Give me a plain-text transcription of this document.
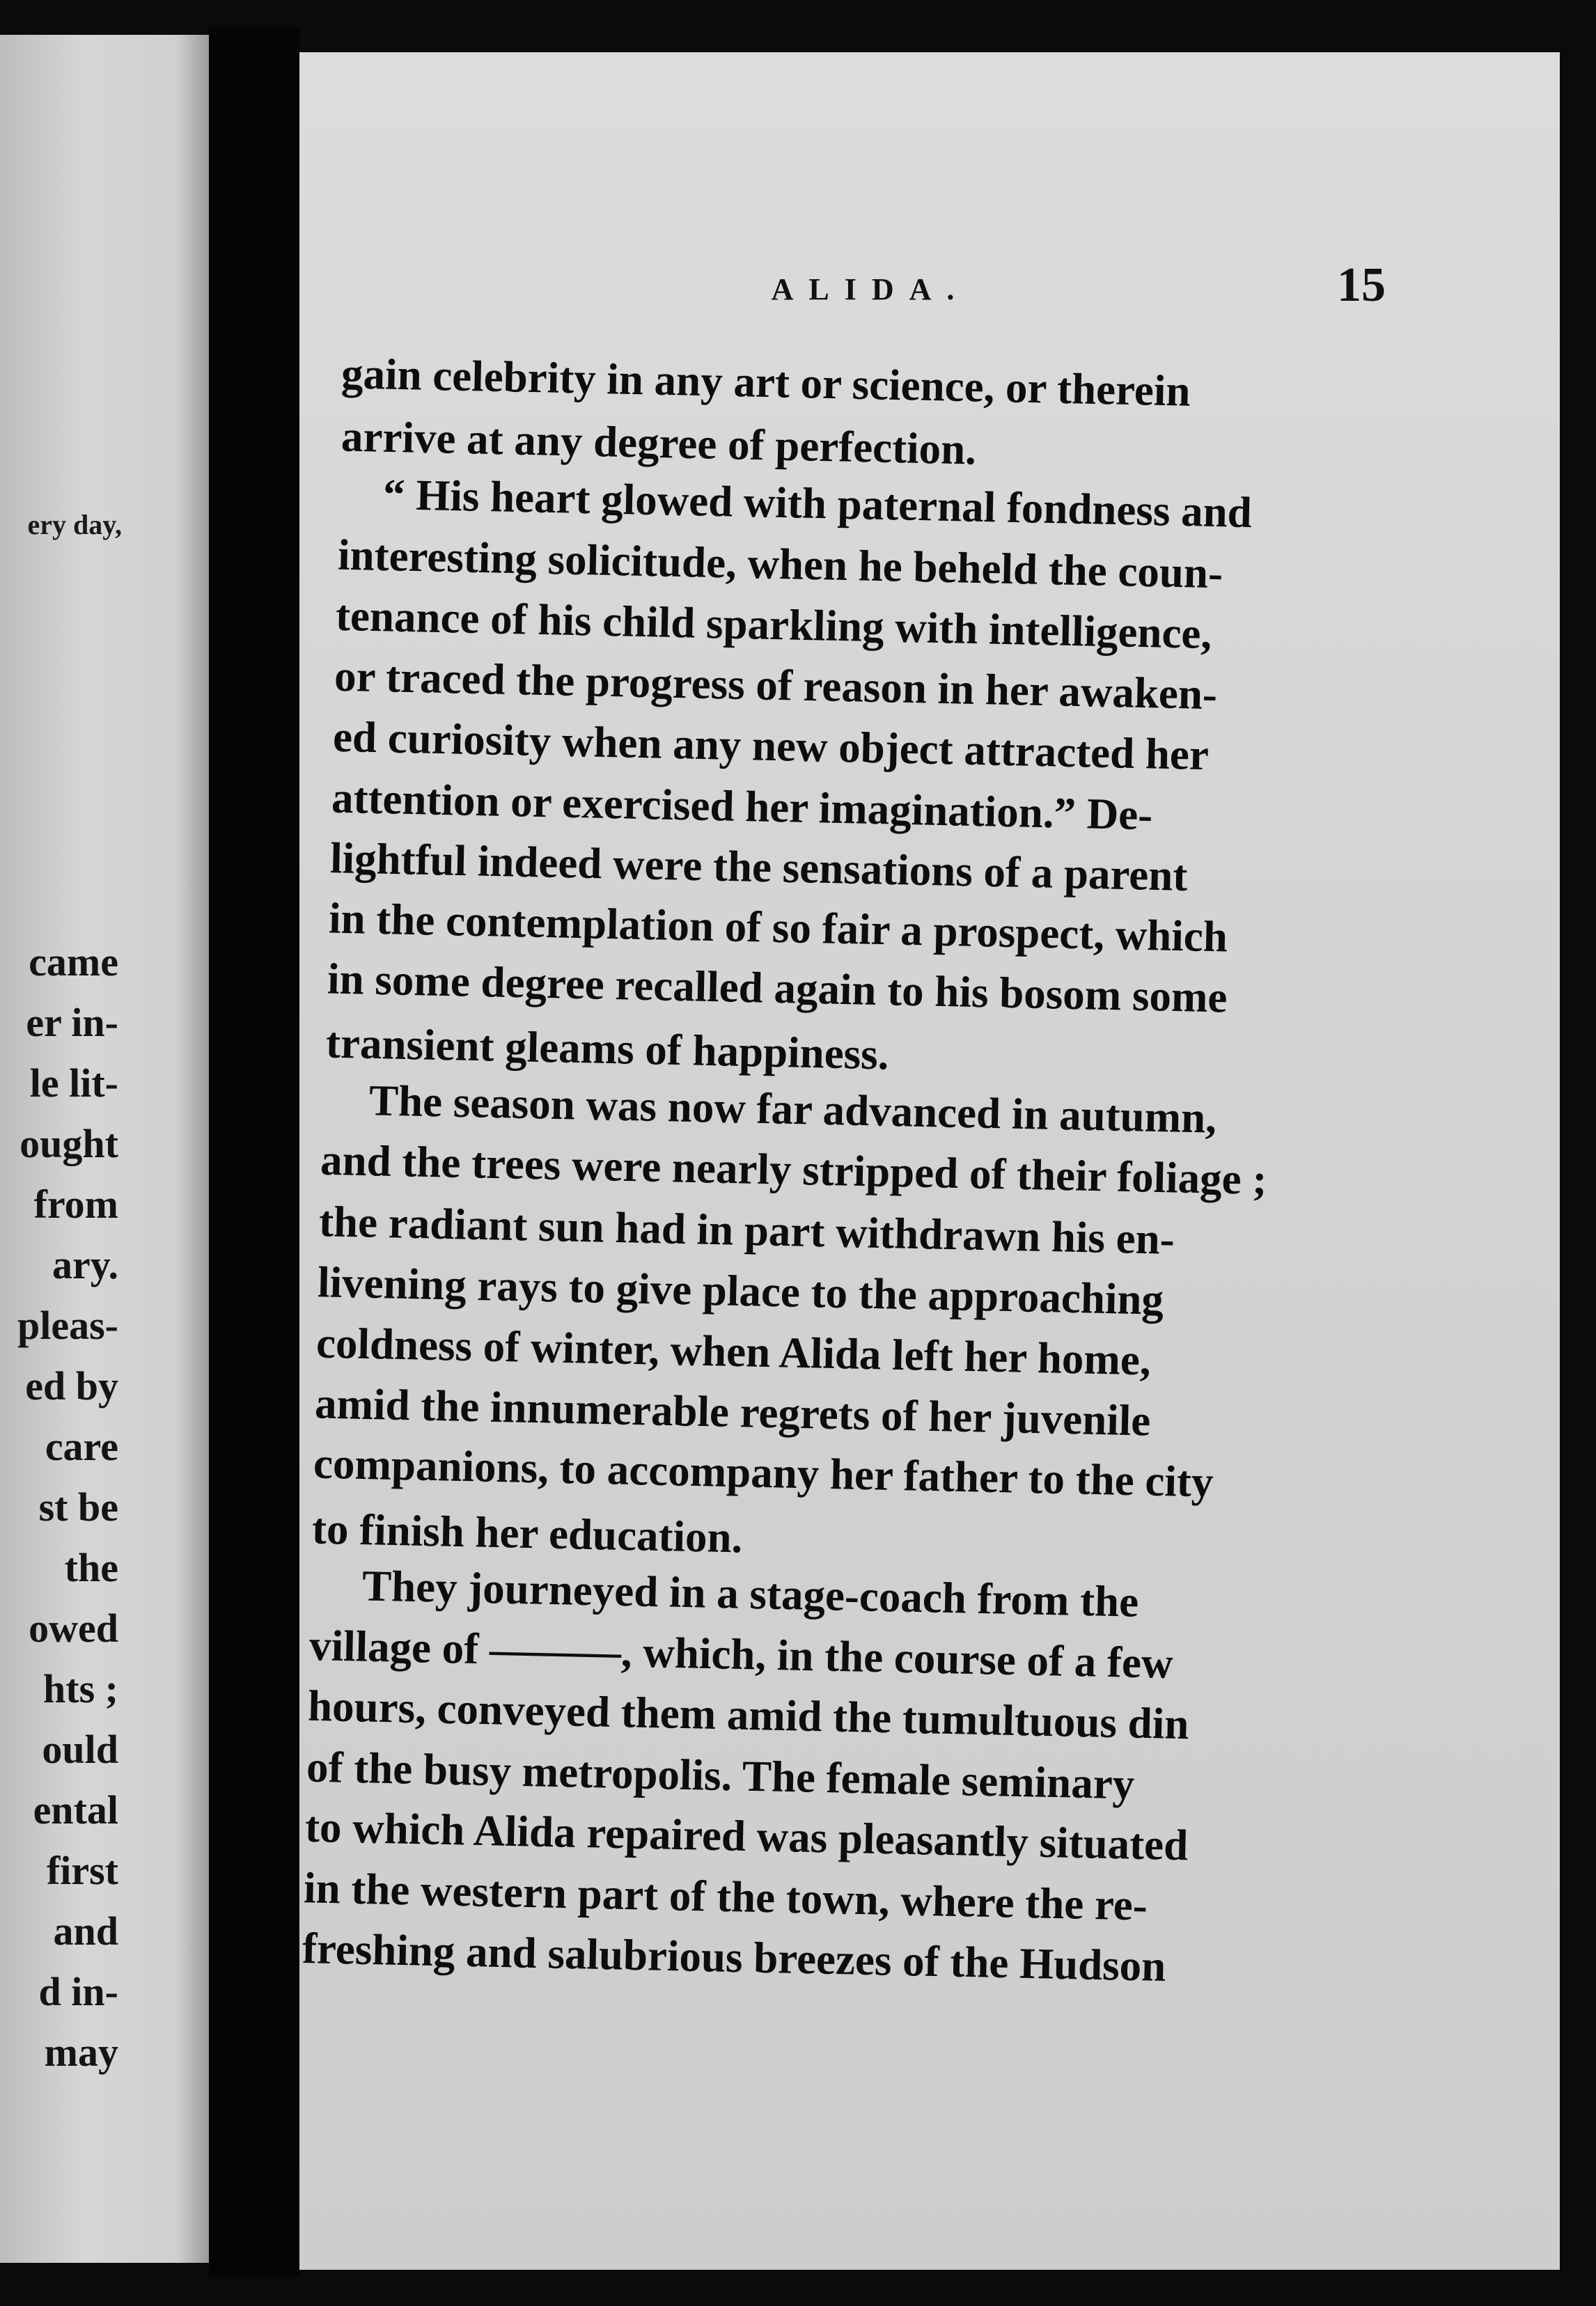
ery day,
came
er in-
le lit-
ought
from
ary.
pleas-
ed by
care
st be
the
owed
hts ;
ould
ental
first
and
d in-
may
ALIDA.	15
gain celebrity in any art or science, or therein
arrive at any degree of perfection.
“ His heart glowed with paternal fondness and
interesting solicitude, when he beheld the coun-
tenance of his child sparkling with intelligence,
or traced the progress of reason in her awaken-
ed curiosity when any new object attracted her
attention or exercised her imagination.” De-
lightful indeed were the sensations of a parent
in the contemplation of so fair a prospect, which
in some degree recalled again to his bosom some
transient gleams of happiness.
The season was now far advanced in autumn,
and the trees were nearly stripped of their foliage ;
the radiant sun had in part withdrawn his en-
livening rays to give place to the approaching
coldness of winter, when Alida left her home,
amid the innumerable regrets of her juvenile
companions, to accompany her father to the city
to finish her education.
They journeyed in a stage-coach from the
village of ———, which, in the course of a few
hours, conveyed them amid the tumultuous din
of the busy metropolis. The female seminary
to which Alida repaired was pleasantly situated
in the western part of the town, where the re-
freshing and salubrious breezes of the Hudson
